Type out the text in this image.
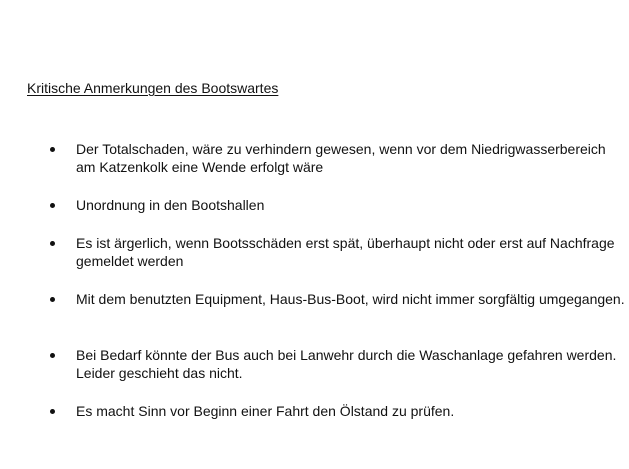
Kritische Anmerkungen des Bootswartes
Der Totalschaden, wäre zu verhindern gewesen, wenn vor dem Niedrigwasserbereich am Katzenkolk eine Wende erfolgt wäre
Unordnung in den Bootshallen
Es ist ärgerlich, wenn Bootsschäden erst spät, überhaupt nicht oder erst auf Nachfrage gemeldet werden
Mit dem benutzten Equipment, Haus-Bus-Boot, wird nicht immer sorgfältig umgegangen.
Bei Bedarf könnte der Bus auch bei Lanwehr durch die Waschanlage gefahren werden. Leider geschieht das nicht.
Es macht Sinn vor Beginn einer Fahrt den Ölstand zu prüfen.
